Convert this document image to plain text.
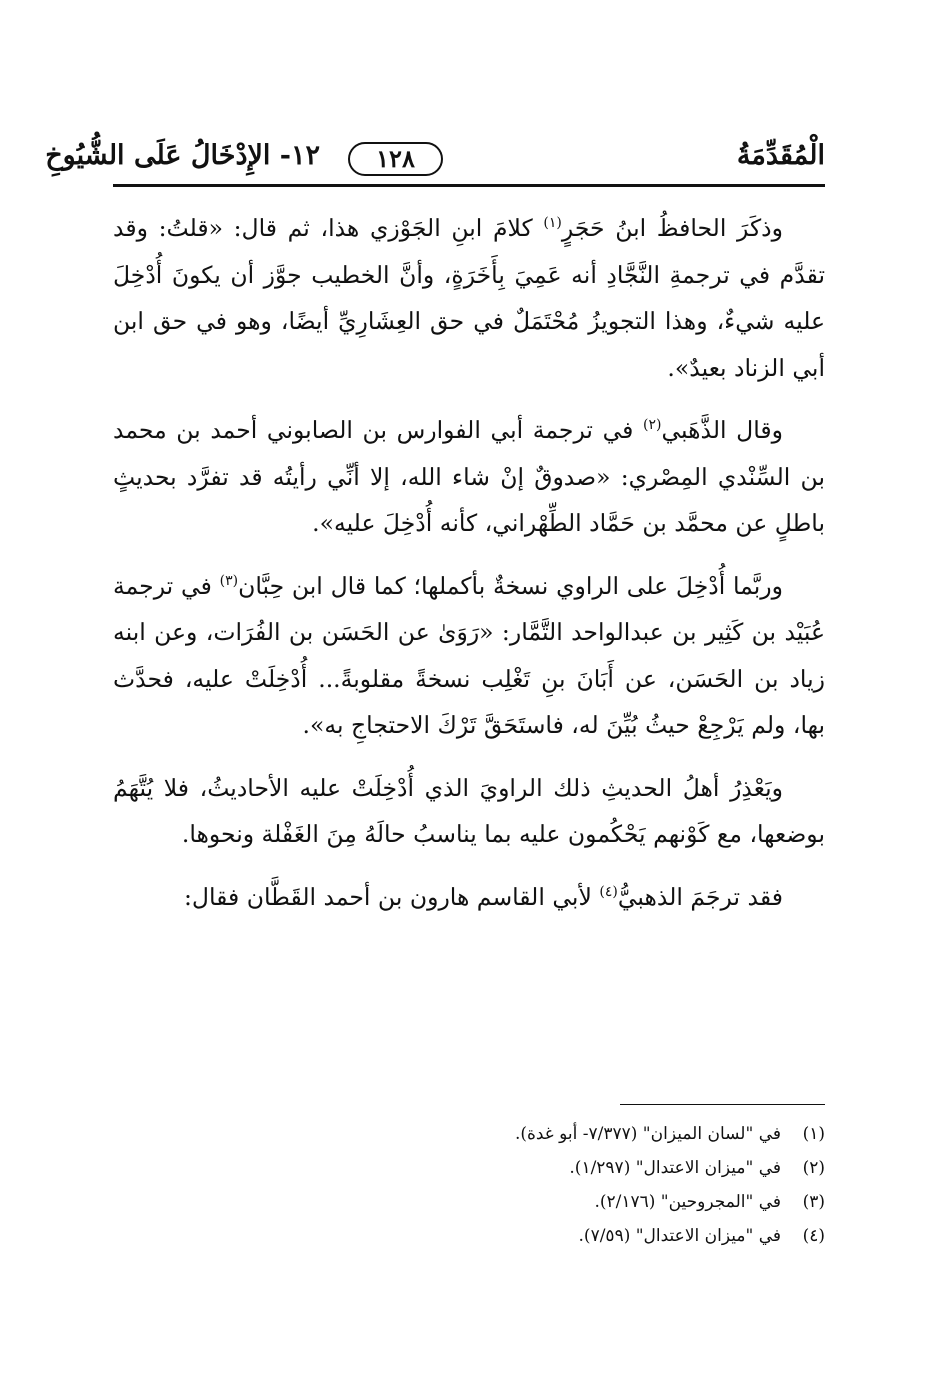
الْمُقَدِّمَةُ
١٢- الإِدْخَالُ عَلَى الشُّيُوخِ	١٢٨

وذكَرَ الحافظُ ابنُ حَجَرٍ$^{(١)}$ كلامَ ابنِ الجَوْزي هذا، ثم قال: «قلتُ: وقد تقدَّم في ترجمةِ النَّجَّادِ أنه عَمِيَ بِأَخَرَةٍ، وأنَّ الخطيب جوَّز أن يكونَ أُدْخِلَ عليه شيءٌ، وهذا التجويزُ مُحْتَمَلٌ في حق العِشَارِيِّ أيضًا، وهو في حق ابن أبي الزناد بعيدٌ».

وقال الذَّهَبي$^{(٢)}$ في ترجمة أبي الفوارس بن الصابوني أحمد بن محمد بن السِّنْدي المِصْري: «صدوقٌ إنْ شاء الله، إلا أنِّي رأيتُه قد تفرَّد بحديثٍ باطلٍ عن محمَّد بن حَمَّاد الطِّهْراني، كأنه أُدْخِلَ عليه».

وربَّما أُدْخِلَ على الراوي نسخةٌ بأكملها؛ كما قال ابن حِبَّان$^{(٣)}$ في ترجمة عُبَيْد بن كَثِير بن عبدالواحد التَّمَّار: «رَوَىٰ عن الحَسَن بن الفُرَات، وعن ابنه زياد بن الحَسَن، عن أَبَانَ بنِ تَغْلِب نسخةً مقلوبةً... أُدْخِلَتْ عليه، فحدَّث بها، ولم يَرْجِعْ حيثُ بُيِّنَ له، فاستَحَقَّ تَرْكَ الاحتجاجِ به».

ويَعْذِرُ أهلُ الحديثِ ذلك الراويَ الذي أُدْخِلَتْ عليه الأحاديثُ، فلا يُتَّهَمُ بوضعها، مع كَوْنهم يَحْكُمون عليه بما يناسبُ حالَهُ مِنَ الغَفْلة ونحوها.

فقد ترجَمَ الذهبيُّ$^{(٤)}$ لأبي القاسم هارون بن أحمد القَطَّان فقال:

(١)في "لسان الميزان" (٧/٣٧٧- أبو غدة).
(٢)في "ميزان الاعتدال" (١/٢٩٧).
(٣)في "المجروحين" (٢/١٧٦).
(٤)في "ميزان الاعتدال" (٧/٥٩).
